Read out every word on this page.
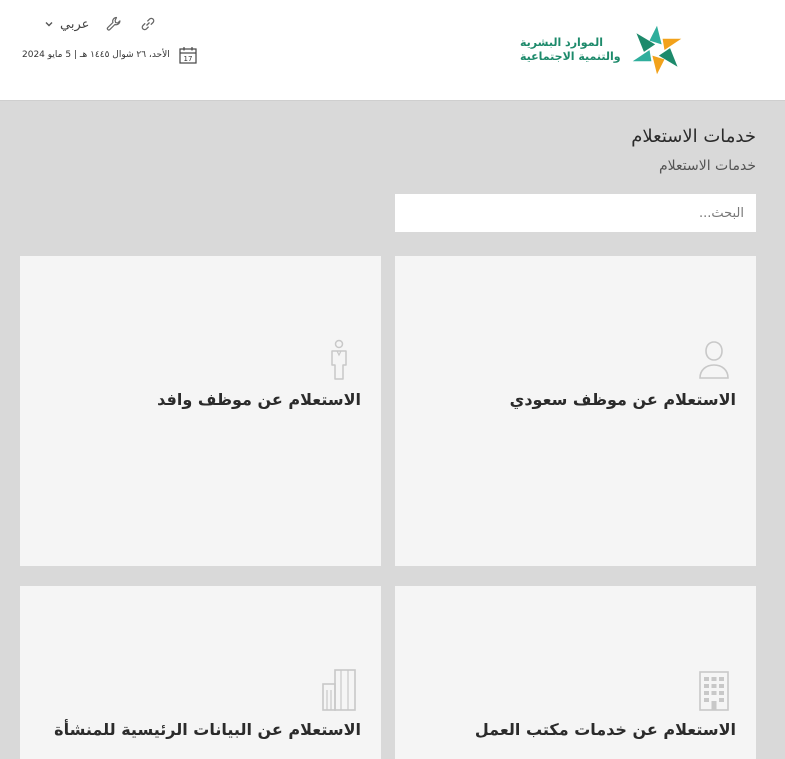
عربي
الأحد، ٢٦ شوال ١٤٤٥ هـ | 5 مايو 2024 17
الموارد البشرية
والتنمية الاجتماعية
خدمات الاستعلام
خدمات الاستعلام
البحث...
الاستعلام عن موظف سعودي
الاستعلام عن موظف وافد
الاستعلام عن خدمات مكتب العمل
الاستعلام عن البيانات الرئيسية للمنشأة
